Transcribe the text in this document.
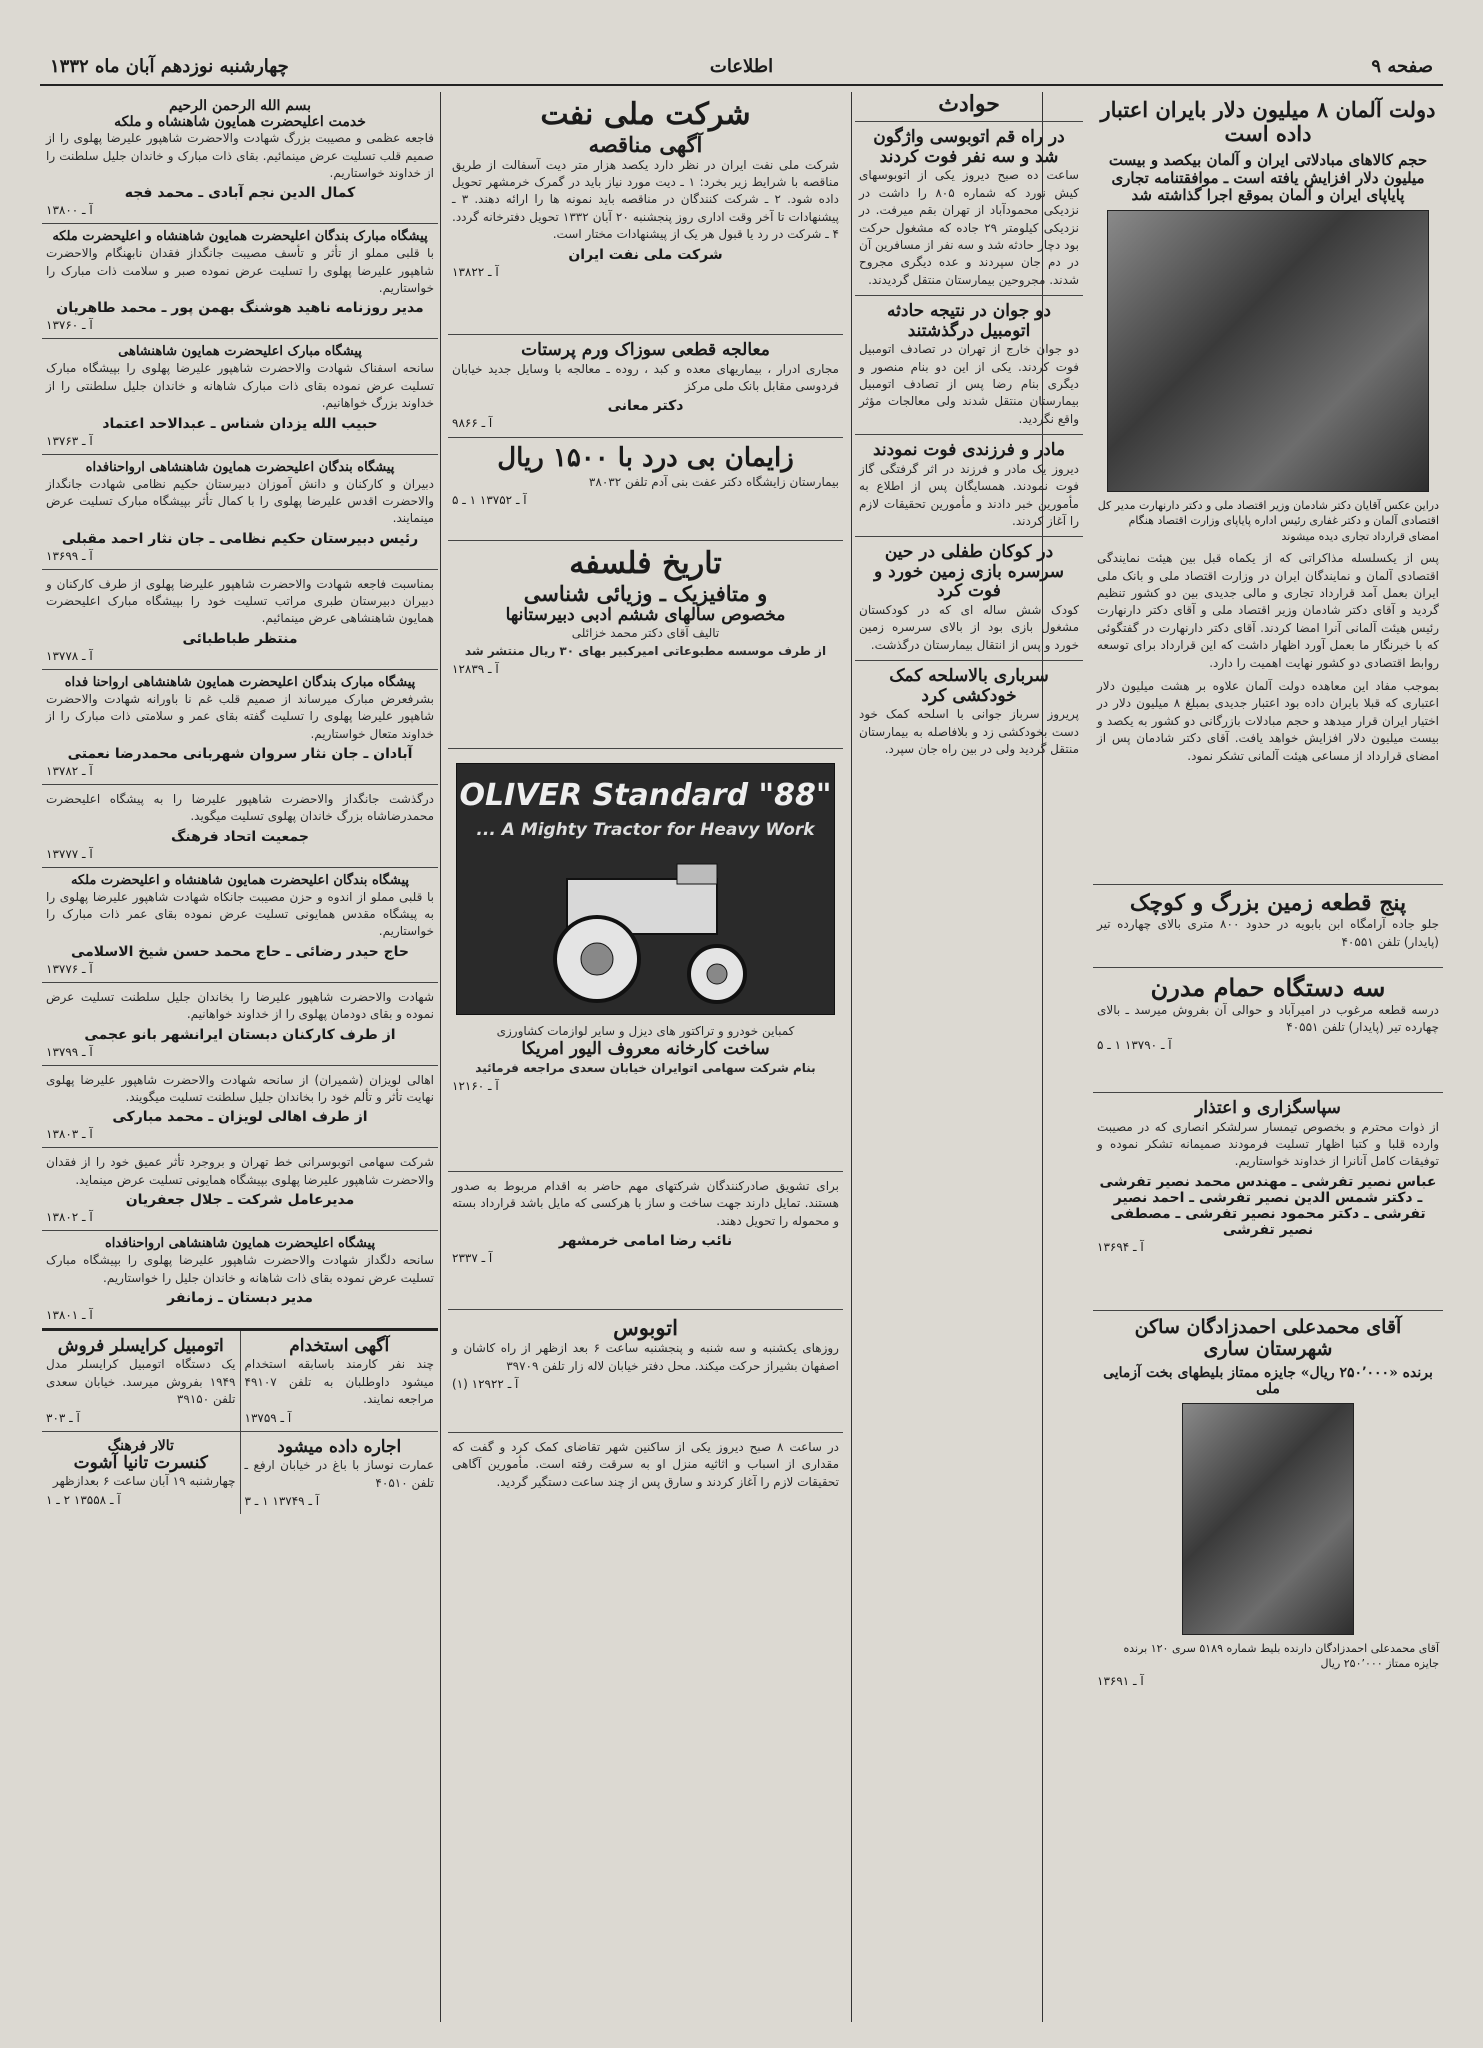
صفحه ۹
اطلاعات
چهارشنبه نوزدهم آبان ماه ۱۳۳۲
دولت آلمان ۸ میلیون دلار بایران اعتبار داده است
حجم کالاهای مبادلاتی ایران و آلمان بیکصد و بیست میلیون دلار افزایش یافته است ـ موافقتنامه تجاری پایاپای ایران و آلمان بموقع اجرا گذاشته شد
دراین عکس آقایان دکتر شادمان وزیر اقتصاد ملی و دکتر دارنهارت مدیر کل اقتصادی آلمان و دکتر غفاری رئیس اداره پایاپای وزارت اقتصاد هنگام امضای قرارداد تجاری دیده میشوند
پس از یکسلسله مذاکراتی که از یکماه قبل بین هیئت نمایندگی اقتصادی آلمان و نمایندگان ایران در وزارت اقتصاد ملی و بانک ملی ایران بعمل آمد قرارداد تجاری و مالی جدیدی بین دو کشور تنظیم گردید و آقای دکتر شادمان وزیر اقتصاد ملی و آقای دکتر دارنهارت رئیس هیئت آلمانی آنرا امضا کردند. آقای دکتر دارنهارت در گفتگوئی که با خبرنگار ما بعمل آورد اظهار داشت که این قرارداد برای توسعه روابط اقتصادی دو کشور نهایت اهمیت را دارد.
بموجب مفاد این معاهده دولت آلمان علاوه بر هشت میلیون دلار اعتباری که قبلا بایران داده بود اعتبار جدیدی بمبلغ ۸ میلیون دلار در اختیار ایران قرار میدهد و حجم مبادلات بازرگانی دو کشور به یکصد و بیست میلیون دلار افزایش خواهد یافت. آقای دکتر شادمان پس از امضای قرارداد از مساعی هیئت آلمانی تشکر نمود.
پنج قطعه زمین بزرگ و کوچک
جلو جاده آرامگاه ابن بابویه در حدود ۸۰۰ متری بالای چهارده تیر (پایدار) تلفن ۴۰۵۵۱
سه دستگاه حمام مدرن
درسه قطعه مرغوب در امیرآباد و حوالی آن بفروش میرسد ـ بالای چهارده تیر (پایدار) تلفن ۴۰۵۵۱
آ ـ ۱۳۷۹۰ ۱ ـ ۵
سپاسگزاری و اعتذار
از ذوات محترم و بخصوص تیمسار سرلشکر انصاری که در مصیبت وارده قلبا و کتبا اظهار تسلیت فرمودند صمیمانه تشکر نموده و توفیقات کامل آنانرا از خداوند خواستاریم.
عباس نصیر تفرشی ـ مهندس محمد نصیر تفرشی ـ دکتر شمس الدین نصیر تفرشی ـ احمد نصیر تفرشی ـ دکتر محمود نصیر تفرشی ـ مصطفی نصیر تفرشی
آ ـ ۱۳۶۹۴
آقای محمدعلی احمدزادگان ساکن
شهرستان ساری
برنده «۲۵۰٬۰۰۰ ریال» جایزه ممتاز بلیطهای بخت آزمایی ملی
آقای محمدعلی احمدزادگان دارنده بلیط شماره ۵۱۸۹ سری ۱۲۰ برنده جایزه ممتاز ۲۵۰٬۰۰۰ ریال
آ ـ ۱۳۶۹۱
حوادث
در راه قم اتوبوسی واژگون شد و سه نفر فوت کردند
ساعت ده صبح دیروز یکی از اتوبوسهای کیش نورد که شماره ۸۰۵ را داشت در نزدیکی محمودآباد از تهران بقم میرفت. در نزدیکی کیلومتر ۲۹ جاده که مشغول حرکت بود دچار حادثه شد و سه نفر از مسافرین آن در دم جان سپردند و عده دیگری مجروح شدند. مجروحین بیمارستان منتقل گردیدند.
دو جوان در نتیجه حادثه اتومبیل درگذشتند
دو جوان خارج از تهران در تصادف اتومبیل فوت کردند. یکی از این دو بنام منصور و دیگری بنام رضا پس از تصادف اتومبیل بیمارستان منتقل شدند ولی معالجات مؤثر واقع نگردید.
مادر و فرزندی فوت نمودند
دیروز یک مادر و فرزند در اثر گرفتگی گاز فوت نمودند. همسایگان پس از اطلاع به مأمورین خبر دادند و مأمورین تحقیقات لازم را آغاز کردند.
در کوکان طفلی در حین سرسره بازی زمین خورد و فوت کرد
کودک شش ساله ای که در کودکستان مشغول بازی بود از بالای سرسره زمین خورد و پس از انتقال بیمارستان درگذشت.
سرباری بالاسلحه کمک خودکشی کرد
پریروز سرباز جوانی با اسلحه کمک خود دست بخودکشی زد و بلافاصله به بیمارستان منتقل گردید ولی در بین راه جان سپرد.
شرکت ملی نفت
آگهی مناقصه
شرکت ملی نفت ایران در نظر دارد یکصد هزار متر دیت آسفالت از طریق مناقصه با شرایط زیر بخرد: ۱ ـ دیت مورد نیاز باید در گمرک خرمشهر تحویل داده شود. ۲ ـ شرکت کنندگان در مناقصه باید نمونه ها را ارائه دهند. ۳ ـ پیشنهادات تا آخر وقت اداری روز پنجشنبه ۲۰ آبان ۱۳۳۲ تحویل دفترخانه گردد. ۴ ـ شرکت در رد یا قبول هر یک از پیشنهادات مختار است.
شرکت ملی نفت ایران
آ ـ ۱۳۸۲۲
معالجه قطعی سوزاک ورم پرستات
مجاری ادرار ، بیماریهای معده و کبد ، روده ـ معالجه با وسایل جدید خیابان فردوسی مقابل بانک ملی مرکز
دکتر معانی
آ ـ ۹۸۶۶
زایمان بی درد با ۱۵۰۰ ریال
بیمارستان زایشگاه دکتر عفت بنی آدم تلفن ۳۸۰۳۲
آ ـ ۱۳۷۵۲ ۱ ـ ۵
تاریخ فلسفه
و متافیزیک ـ وزیائی شناسی
مخصوص سالهای ششم ادبی دبیرستانها
تالیف آقای دکتر محمد خزائلی
از طرف موسسه مطبوعاتی امیرکبیر بهای ۳۰ ریال منتشر شد
آ ـ ۱۲۸۳۹
OLIVER Standard "88"
... A Mighty Tractor for Heavy Work
کمباین خودرو و تراکتور های دیزل و سایر لوازمات کشاورزی
ساخت کارخانه معروف الیور امریکا
بنام شرکت سهامی اتوایران خیابان سعدی مراجعه فرمائید
آ ـ ۱۲۱۶۰
برای تشویق صادرکنندگان شرکتهای مهم حاضر به اقدام مربوط به صدور هستند. تمایل دارند جهت ساخت و ساز با هرکسی که مایل باشد قرارداد بسته و محموله را تحویل دهند.
نائب رضا امامی خرمشهر
آ ـ ۲۳۳۷
اتوبوس
روزهای یکشنبه و سه شنبه و پنجشنبه ساعت ۶ بعد ازظهر از راه کاشان و اصفهان بشیراز حرکت میکند. محل دفتر خیابان لاله زار تلفن ۳۹۷۰۹
آ ـ ۱۲۹۲۲ (۱)
در ساعت ۸ صبح دیروز یکی از ساکنین شهر تقاضای کمک کرد و گفت که مقداری از اسباب و اثاثیه منزل او به سرقت رفته است. مأمورین آگاهی تحقیقات لازم را آغاز کردند و سارق پس از چند ساعت دستگیر گردید.
بسم الله الرحمن الرحیم
خدمت اعلیحضرت همایون شاهنشاه و ملکه
فاجعه عظمی و مصیبت بزرگ شهادت والاحضرت شاهپور علیرضا پهلوی را از صمیم قلب تسلیت عرض مینمائیم. بقای ذات مبارک و خاندان جلیل سلطنت را از خداوند خواستاریم.
کمال الدین نجم آبادی ـ محمد فجه
آ ـ ۱۳۸۰۰
پیشگاه مبارک بندگان اعلیحضرت همایون شاهنشاه و اعلیحضرت ملکه
با قلبی مملو از تأثر و تأسف مصیبت جانگداز فقدان نابهنگام والاحضرت شاهپور علیرضا پهلوی را تسلیت عرض نموده صبر و سلامت ذات مبارک را خواستاریم.
مدیر روزنامه ناهید هوشنگ بهمن پور ـ محمد طاهریان
آ ـ ۱۳۷۶۰
پیشگاه مبارک اعلیحضرت همایون شاهنشاهی
سانحه اسفناک شهادت والاحضرت شاهپور علیرضا پهلوی را بپیشگاه مبارک تسلیت عرض نموده بقای ذات مبارک شاهانه و خاندان جلیل سلطنتی را از خداوند بزرگ خواهانیم.
حبیب الله یزدان شناس ـ عبدالاحد اعتماد
آ ـ ۱۳۷۶۳
پیشگاه بندگان اعلیحضرت همایون شاهنشاهی ارواحنافداه
دبیران و کارکنان و دانش آموزان دبیرستان حکیم نظامی شهادت جانگداز والاحضرت اقدس علیرضا پهلوی را با کمال تأثر بپیشگاه مبارک تسلیت عرض مینمایند.
رئیس دبیرستان حکیم نظامی ـ جان نثار احمد مقبلی
آ ـ ۱۳۶۹۹
بمناسبت فاجعه شهادت والاحضرت شاهپور علیرضا پهلوی از طرف کارکنان و دبیران دبیرستان طبری مراتب تسلیت خود را بپیشگاه مبارک اعلیحضرت همایون شاهنشاهی عرض مینمائیم.
منتظر طباطبائی
آ ـ ۱۳۷۷۸
پیشگاه مبارک بندگان اعلیحضرت همایون شاهنشاهی ارواحنا فداه
بشرفعرض مبارک میرساند از صمیم قلب غم نا باورانه شهادت والاحضرت شاهپور علیرضا پهلوی را تسلیت گفته بقای عمر و سلامتی ذات مبارک را از خداوند متعال خواستاریم.
آبادان ـ جان نثار سروان شهربانی محمدرضا نعمتی
آ ـ ۱۳۷۸۲
درگذشت جانگداز والاحضرت شاهپور علیرضا را به پیشگاه اعلیحضرت محمدرضاشاه بزرگ خاندان پهلوی تسلیت میگوید.
جمعیت اتحاد فرهنگ
آ ـ ۱۳۷۷۷
پیشگاه بندگان اعلیحضرت همایون شاهنشاه و اعلیحضرت ملکه
با قلبی مملو از اندوه و حزن مصیبت جانکاه شهادت شاهپور علیرضا پهلوی را به پیشگاه مقدس همایونی تسلیت عرض نموده بقای عمر ذات مبارک را خواستاریم.
حاج حیدر رضائی ـ حاج محمد حسن شیخ الاسلامی
آ ـ ۱۳۷۷۶
شهادت والاحضرت شاهپور علیرضا را بخاندان جلیل سلطنت تسلیت عرض نموده و بقای دودمان پهلوی را از خداوند خواهانیم.
از طرف کارکنان دبستان ایرانشهر بانو عجمی
آ ـ ۱۳۷۹۹
اهالی لویزان (شمیران) از سانحه شهادت والاحضرت شاهپور علیرضا پهلوی نهایت تأثر و تألم خود را بخاندان جلیل سلطنت تسلیت میگویند.
از طرف اهالی لویزان ـ محمد مبارکی
آ ـ ۱۳۸۰۳
شرکت سهامی اتوبوسرانی خط تهران و بروجرد تأثر عمیق خود را از فقدان والاحضرت شاهپور علیرضا پهلوی بپیشگاه همایونی تسلیت عرض مینماید.
مدیرعامل شرکت ـ جلال جعفریان
آ ـ ۱۳۸۰۲
پیشگاه اعلیحضرت همایون شاهنشاهی ارواحنافداه
سانحه دلگداز شهادت والاحضرت شاهپور علیرضا پهلوی را بپیشگاه مبارک تسلیت عرض نموده بقای ذات شاهانه و خاندان جلیل را خواستاریم.
مدیر دبستان ـ زمانفر
آ ـ ۱۳۸۰۱
آگهی استخدام
چند نفر کارمند باسابقه استخدام میشود داوطلبان به تلفن ۴۹۱۰۷ مراجعه نمایند.
آ ـ ۱۳۷۵۹
اجاره داده میشود
عمارت نوساز با باغ در خیابان ارفع ـ تلفن ۴۰۵۱۰
آ ـ ۱۳۷۴۹ ۱ ـ ۳
اتومبیل کرایسلر فروش
یک دستگاه اتومبیل کرایسلر مدل ۱۹۴۹ بفروش میرسد. خیابان سعدی تلفن ۳۹۱۵۰
آ ـ ۳۰۳
تالار فرهنگ
کنسرت تانیا آشوت
چهارشنبه ۱۹ آبان ساعت ۶ بعدازظهر
آ ـ ۱۳۵۵۸ ۲ ـ ۱
